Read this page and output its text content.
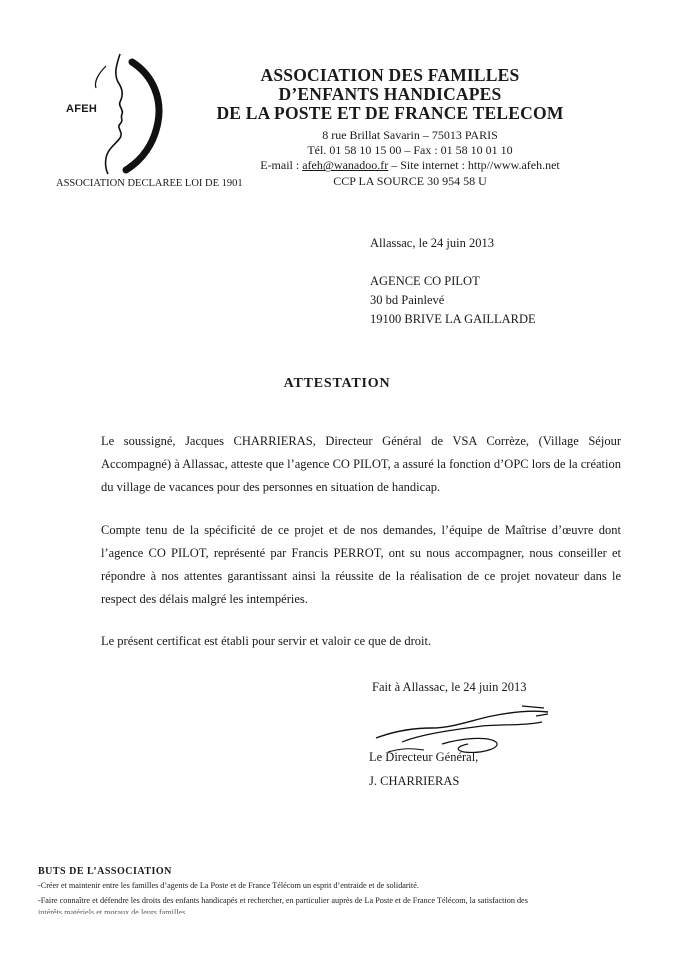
AFEH
ASSOCIATION DECLAREE LOI DE 1901
ASSOCIATION DES FAMILLES
D’ENFANTS HANDICAPES
DE LA POSTE ET DE FRANCE TELECOM
8 rue Brillat Savarin – 75013 PARIS
Tél. 01 58 10 15 00 – Fax : 01 58 10 01 10
E-mail : afeh@wanadoo.fr – Site internet : http//www.afeh.net
CCP LA SOURCE 30 954 58 U
Allassac, le 24 juin 2013
AGENCE CO PILOT
30 bd Painlevé
19100 BRIVE LA GAILLARDE
ATTESTATION
Le soussigné, Jacques CHARRIERAS, Directeur Général de VSA Corrèze, (Village Séjour Accompagné) à Allassac, atteste que l’agence CO PILOT, a assuré la fonction d’OPC lors de la création du village de vacances pour des personnes en situation de handicap.
Compte tenu de la spécificité de ce projet et de nos demandes, l’équipe de Maîtrise d’œuvre dont l’agence CO PILOT, représenté par Francis PERROT, ont su nous accompagner, nous conseiller et répondre à nos attentes garantissant ainsi la réussite de la réalisation de ce projet novateur dans le respect des délais malgré les intempéries.
Le présent certificat est établi pour servir et valoir ce que de droit.
Fait à Allassac, le 24 juin 2013
Le Directeur Général,
J. CHARRIERAS
BUTS DE L’ASSOCIATION
-Créer et maintenir entre les familles d’agents de La Poste et de France Télécom un esprit d’entraide et de solidarité.
-Faire connaître et défendre les droits des enfants handicapés et rechercher, en particulier auprès de La Poste et de France Télécom, la satisfaction des
intérêts matériels et moraux de leurs familles.
